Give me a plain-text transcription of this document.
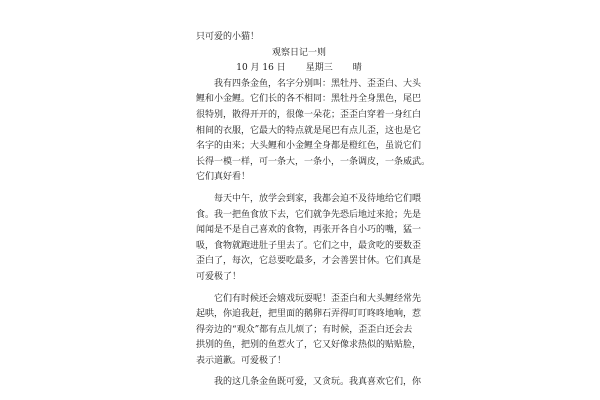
只可爱的小猫！
观察日记一则
10 月 16 日 星期三 晴
我有四条金鱼，名字分别叫：黑牡丹、歪歪白、大头
鲤和小金鲤。它们长的各不相同：黑牡丹全身黑色，尾巴
很特别，散得开开的，很像一朵花；歪歪白穿着一身红白
相间的衣服，它最大的特点就是尾巴有点儿歪，这也是它
名字的由来；大头鲤和小金鲤全身都是橙红色，虽说它们
长得一模一样，可一条大，一条小，一条调皮，一条威武。
它们真好看！
每天中午，放学会到家，我都会迫不及待地给它们喂
食。我一把鱼食放下去，它们就争先恐后地过来抢；先是
闻闻是不是自己喜欢的食物，再张开各自小巧的嘴，猛一
吸，食物就跑进肚子里去了。它们之中，最贪吃的要数歪
歪白了，每次，它总要吃最多，才会善罢甘休。它们真是
可爱极了！
它们有时候还会嬉戏玩耍呢！歪歪白和大头鲤经常先
起哄，你追我赶，把里面的鹅卵石弄得叮叮咚咚地响，惹
得旁边的“观众”都有点儿烦了；有时候，歪歪白还会去
拱别的鱼，把别的鱼惹火了，它又好像求热似的贴贴脸，
表示道歉。可爱极了！
我的这几条金鱼既可爱，又贪玩。我真喜欢它们，你
